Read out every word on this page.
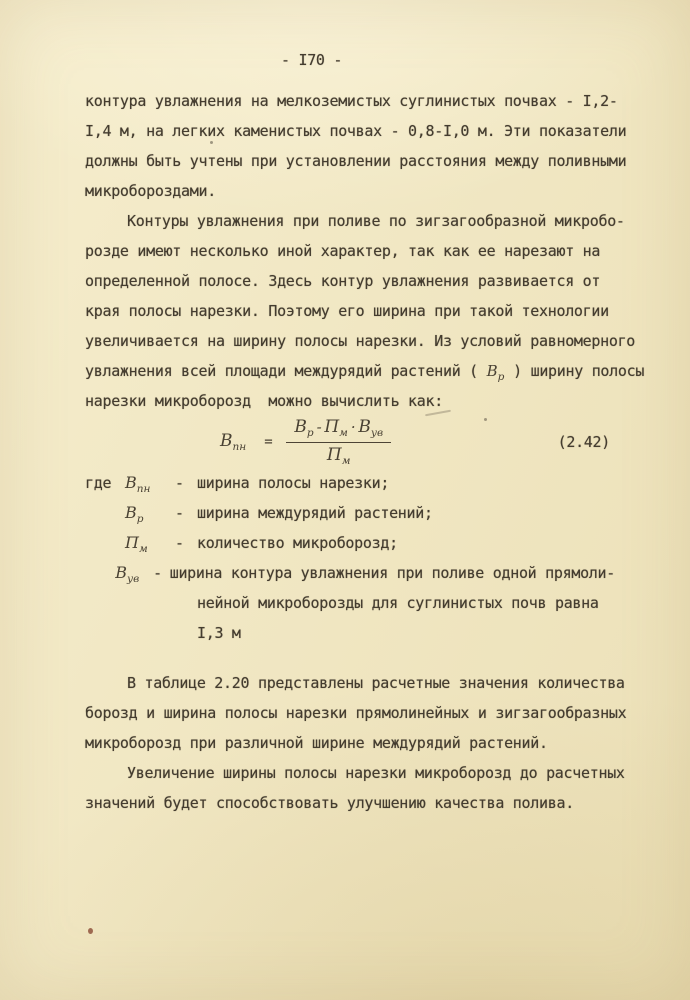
- I70 -
контура увлажнения на мелкоземистых суглинистых почвах - I,2-
I,4 м, на легких каменистых почвах - 0,8-I,0 м. Эти показатели
должны быть учтены при установлении расстояния между поливными
микробороздами.
Контуры увлажнения при поливе по зигзагообразной микробо-
розде имеют несколько иной характер, так как ее нарезают на
определенной полосе. Здесь контур увлажнения развивается от
края полосы нарезки. Поэтому его ширина при такой технологии
увеличивается на ширину полосы нарезки. Из условий равномерного
увлажнения всей площади междурядий растений ( $В_р$ ) ширину полосы
нарезки микроборозд  можно вычислить как:
$В_{пн} = \frac{В_р - П_м \cdot В_{ув}}{П_м}$	(2.42)
где $В_{пн}$	- ширина полосы нарезки;
$В_р$	- ширина междурядий растений;
$П_м$	- количество микроборозд;
$В_{ув}$ - ширина контура увлажнения при поливе одной прямоли-
нейной микроборозды для суглинистых почв равна
I,3 м
В таблице 2.20 представлены расчетные значения количества
борозд и ширина полосы нарезки прямолинейных и зигзагообразных
микроборозд при различной ширине междурядий растений.
Увеличение ширины полосы нарезки микроборозд до расчетных
значений будет способствовать улучшению качества полива.
